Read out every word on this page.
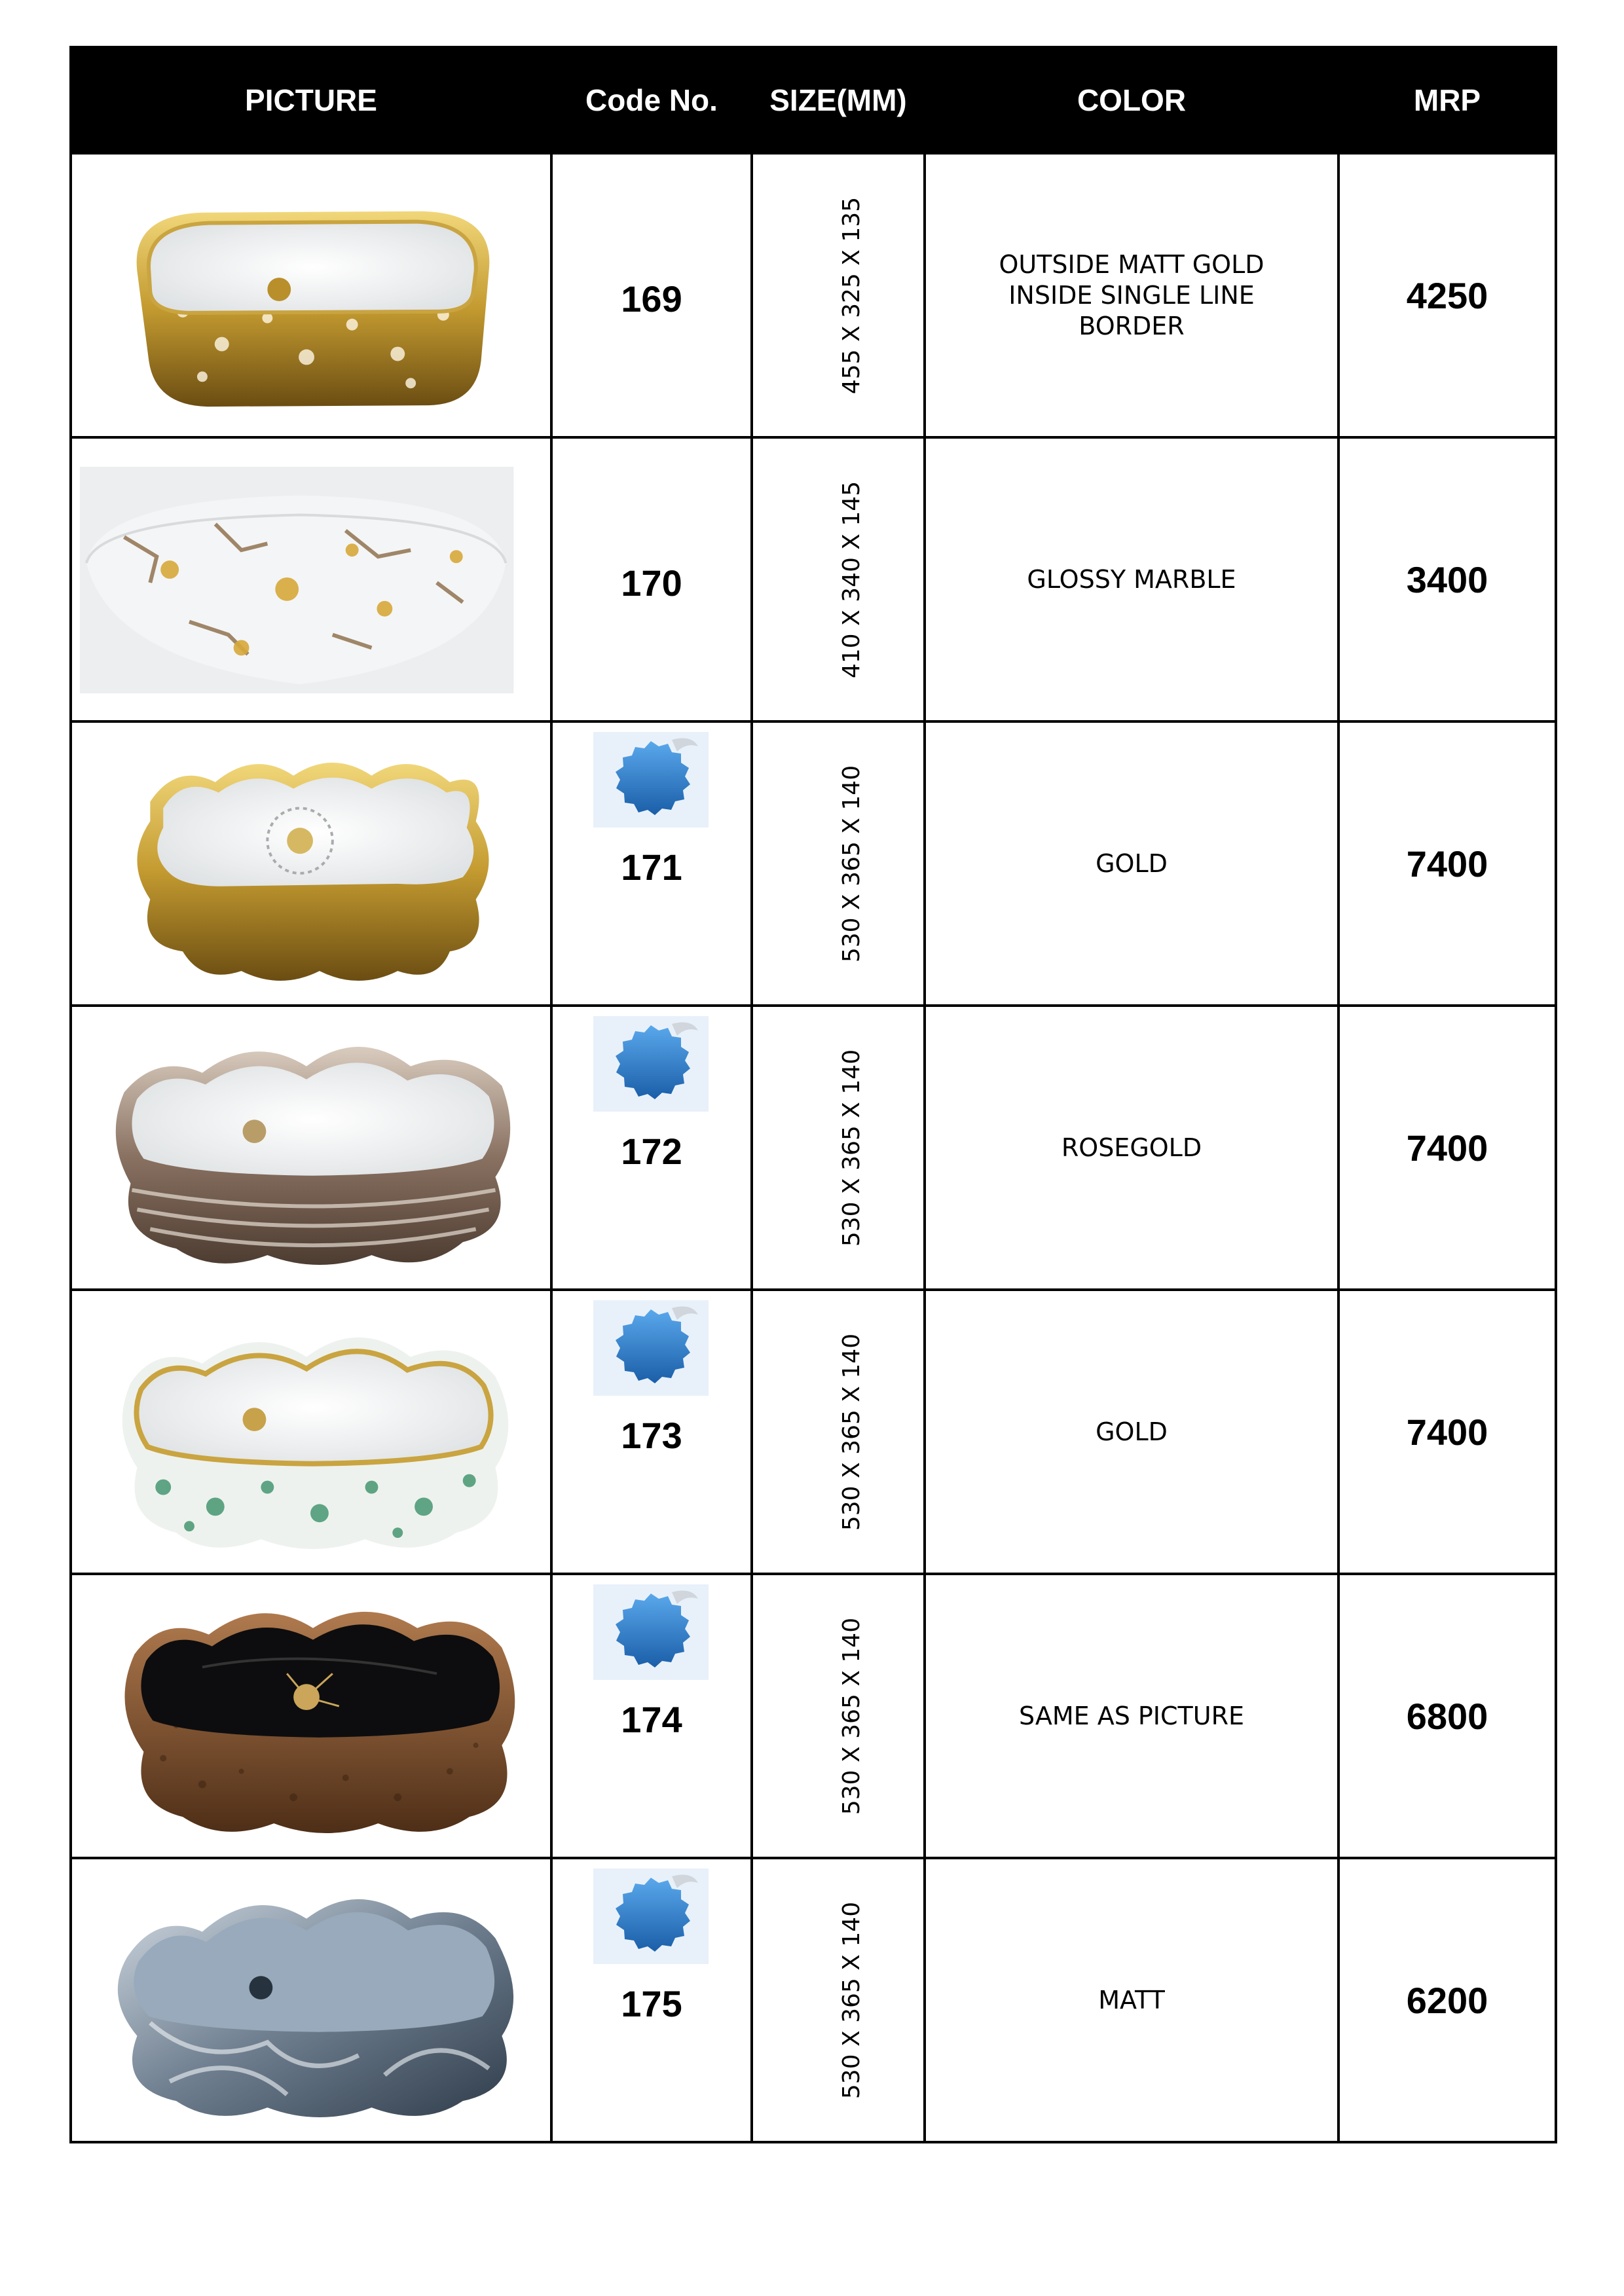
PICTURE	Code No.	SIZE(MM)	COLOR	MRP

169	455 X 325 X 135	OUTSIDE MATT GOLD INSIDE SINGLE LINE BORDER	4250

170	410 X 340 X 145	GLOSSY MARBLE	3400

171	530 X 365 X 140	GOLD	7400

172	530 X 365 X 140	ROSEGOLD	7400

173	530 X 365 X 140	GOLD	7400

174	530 X 365 X 140	SAME AS PICTURE	6800

175	530 X 365 X 140	MATT	6200
